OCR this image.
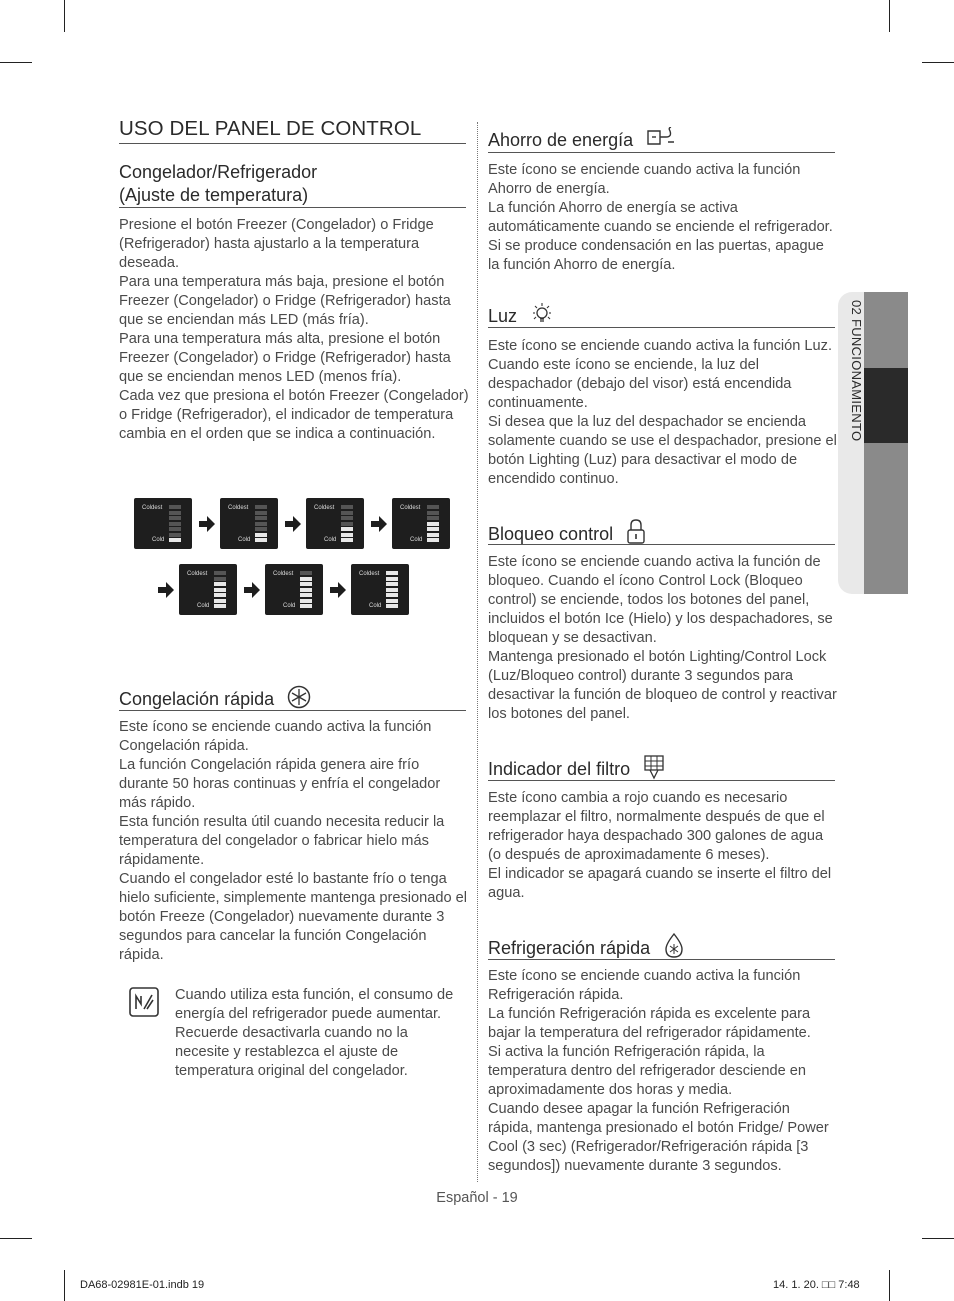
02 FUNCIONAMIENTO
USO DEL PANEL DE CONTROL
Congelador/Refrigerador
(Ajuste de temperatura)

Presione el botón Freezer (Congelador) o Fridge (Refrigerador) hasta ajustarlo a la temperatura deseada.

Para una temperatura más baja, presione el botón Freezer (Congelador) o Fridge (Refrigerador) hasta que se enciendan más LED (más fría).

Para una temperatura más alta, presione el botón Freezer (Congelador) o Fridge (Refrigerador) hasta que se enciendan menos LED (menos fría).

Cada vez que presiona el botón Freezer (Congelador) o Fridge (Refrigerador), el indicador de temperatura cambia en el orden que se indica a continuación.

Coldest
Cold
Coldest
Cold
Coldest
Cold
Coldest
Cold
Coldest
Cold
Coldest
Cold
Coldest
Cold
Congelación rápida

Este ícono se enciende cuando activa la función Congelación rápida.

La función Congelación rápida genera aire frío durante 50 horas continuas y enfría el congelador más rápido.

Esta función resulta útil cuando necesita reducir la temperatura del congelador o fabricar hielo más rápidamente.

Cuando el congelador esté lo bastante frío o tenga hielo suficiente, simplemente mantenga presionado el botón Freeze (Congelador) nuevamente durante 3 segundos para cancelar la función Congelación rápida.

Cuando utiliza esta función, el consumo de energía del refrigerador puede aumentar.

Recuerde desactivarla cuando no la necesite y restablezca el ajuste de temperatura original del congelador.

Ahorro de energía

Este ícono se enciende cuando activa la función Ahorro de energía.

La función Ahorro de energía se activa automáticamente cuando se enciende el refrigerador.

Si se produce condensación en las puertas, apague la función Ahorro de energía.

Luz

Este ícono se enciende cuando activa la función Luz. Cuando este ícono se enciende, la luz del despachador (debajo del visor) está encendida continuamente.

Si desea que la luz del despachador se encienda solamente cuando se use el despachador, presione el botón Lighting (Luz) para desactivar el modo de encendido continuo.

Bloqueo control

Este ícono se enciende cuando activa la función de bloqueo. Cuando el ícono Control Lock (Bloqueo control) se enciende, todos los botones del panel, incluidos el botón Ice (Hielo) y los despachadores, se bloquean y se desactivan.

Mantenga presionado el botón Lighting/Control Lock (Luz/Bloqueo control) durante 3 segundos para desactivar la función de bloqueo de control y reactivar los botones del panel.

Indicador del filtro

Este ícono cambia a rojo cuando es necesario reemplazar el filtro, normalmente después de que el refrigerador haya despachado 300 galones de agua (o después de aproximadamente 6 meses).

El indicador se apagará cuando se inserte el filtro del agua.

Refrigeración rápida

Este ícono se enciende cuando activa la función Refrigeración rápida.

La función Refrigeración rápida es excelente para bajar la temperatura del refrigerador rápidamente.

Si activa la función Refrigeración rápida, la temperatura dentro del refrigerador desciende en aproximadamente dos horas y media.

Cuando desee apagar la función Refrigeración rápida, mantenga presionado el botón Fridge/ Power Cool (3 sec) (Refrigerador/Refrigeración rápida [3 segundos]) nuevamente durante 3 segundos.

Español - 19
DA68-02981E-01.indb 19	14. 1. 20. □□ 7:48
